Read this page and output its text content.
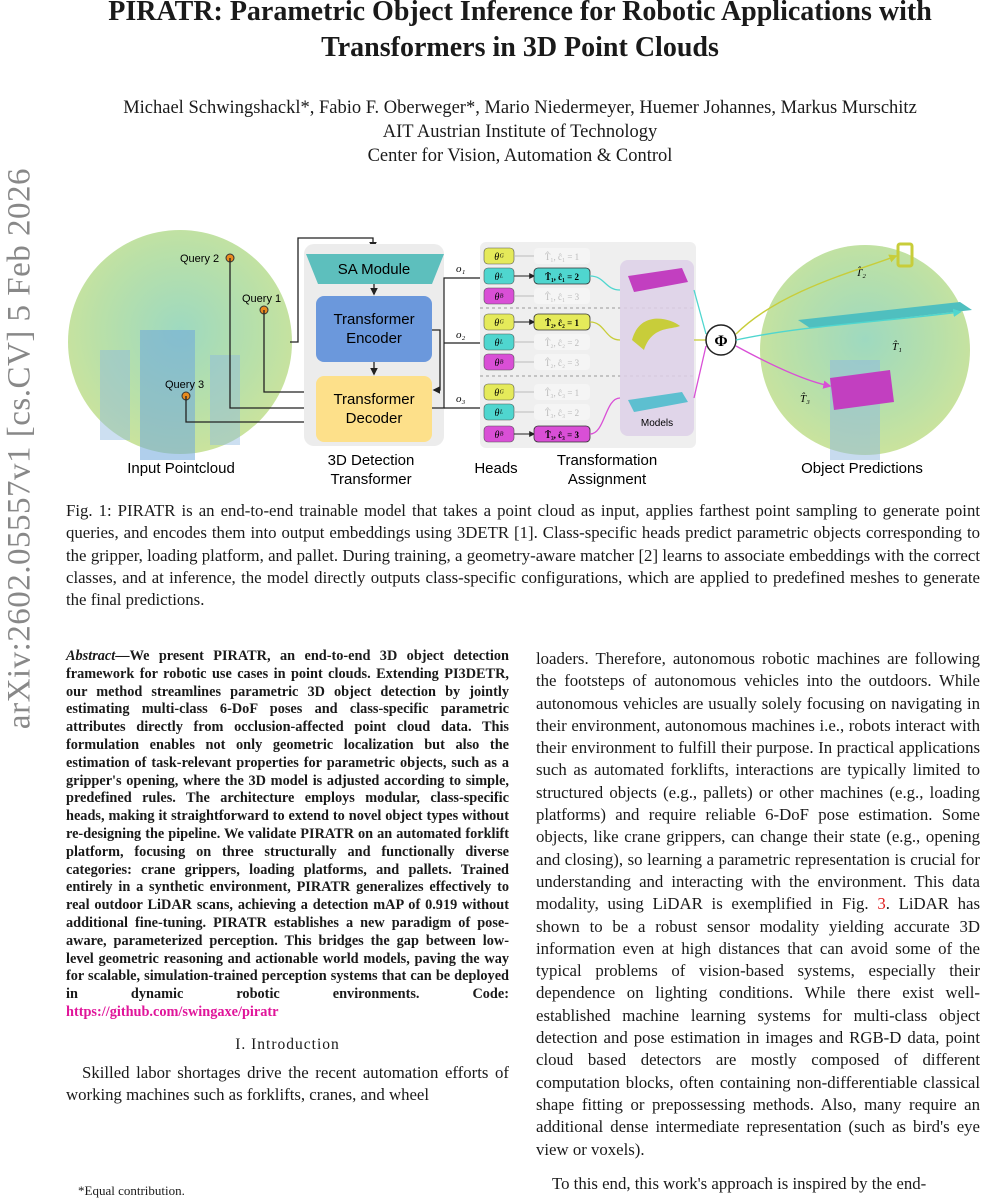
arXiv:2602.05557v1 [cs.CV] 5 Feb 2026
PIRATR: Parametric Object Inference for Robotic Applications with
Transformers in 3D Point Clouds
Michael Schwingshackl*, Fabio F. Oberweger*, Mario Niedermeyer, Huemer Johannes, Markus Murschitz
AIT Austrian Institute of Technology
Center for Vision, Automation & Control
Query 2
Query 1
Query 3
SA Module
Transformer
Encoder
Transformer
Decoder
o₁
o₂
o₃
θᴳ
θᴸ
θᴮ
T̂₁, ĉ₁ = 1
T̂₁, ĉ₁ = 2
T̂₁, ĉ₁ = 3
θᴳ
θᴸ
θᴮ
T̂₂, ĉ₂ = 1
T̂₂, ĉ₂ = 2
T̂₂, ĉ₂ = 3
θᴳ
θᴸ
θᴮ
T̂₃, ĉ₃ = 1
T̂₃, ĉ₃ = 2
T̂₃, ĉ₃ = 3
Models
Φ
T̂₂
T̂₁
T̂₃
Input Pointcloud	3D Detection
Transformer
Heads	Transformation
Assignment
Object Predictions
Fig. 1: PIRATR is an end-to-end trainable model that takes a point cloud as input, applies farthest point sampling to generate point queries, and encodes them into output embeddings using 3DETR [1]. Class-specific heads predict parametric objects corresponding to the gripper, loading platform, and pallet. During training, a geometry-aware matcher [2] learns to associate embeddings with the correct classes, and at inference, the model directly outputs class-specific configurations, which are applied to predefined meshes to generate the final predictions.
Abstract—We present PIRATR, an end-to-end 3D object detection framework for robotic use cases in point clouds. Extending PI3DETR, our method streamlines parametric 3D object detection by jointly estimating multi-class 6-DoF poses and class-specific parametric attributes directly from occlusion-affected point cloud data. This formulation enables not only geometric localization but also the estimation of task-relevant properties for parametric objects, such as a gripper's opening, where the 3D model is adjusted according to simple, predefined rules. The architecture employs modular, class-specific heads, making it straightforward to extend to novel object types without re-designing the pipeline. We validate PIRATR on an automated forklift platform, focusing on three structurally and functionally diverse categories: crane grippers, loading platforms, and pallets. Trained entirely in a synthetic environment, PIRATR generalizes effectively to real outdoor LiDAR scans, achieving a detection mAP of 0.919 without additional fine-tuning. PIRATR establishes a new paradigm of pose-aware, parameterized perception. This bridges the gap between low-level geometric reasoning and actionable world models, paving the way for scalable, simulation-trained perception systems that can be deployed in dynamic robotic environments. Code: https://github.com/swingaxe/piratr
I. Introduction
Skilled labor shortages drive the recent automation efforts of working machines such as forklifts, cranes, and wheel
loaders. Therefore, autonomous robotic machines are following the footsteps of autonomous vehicles into the outdoors. While autonomous vehicles are usually solely focusing on navigating in their environment, autonomous machines i.e., robots interact with their environment to fulfill their purpose. In practical applications such as automated forklifts, interactions are typically limited to structured objects (e.g., pallets) or other machines (e.g., loading platforms) and require reliable 6-DoF pose estimation. Some objects, like crane grippers, can change their state (e.g., opening and closing), so learning a parametric representation is crucial for understanding and interacting with the environment. This data modality, using LiDAR is exemplified in Fig. 3. LiDAR has shown to be a robust sensor modality yielding accurate 3D information even at high distances that can avoid some of the typical problems of vision-based systems, especially their dependence on lighting conditions. While there exist well-established machine learning systems for multi-class object detection and pose estimation in images and RGB-D data, point cloud based detectors are mostly composed of different computation blocks, often containing non-differentiable classical shape fitting or prepossessing methods. Also, many require an additional dense intermediate representation (such as bird's eye view or voxels).
To this end, this work's approach is inspired by the end-
*Equal contribution.
